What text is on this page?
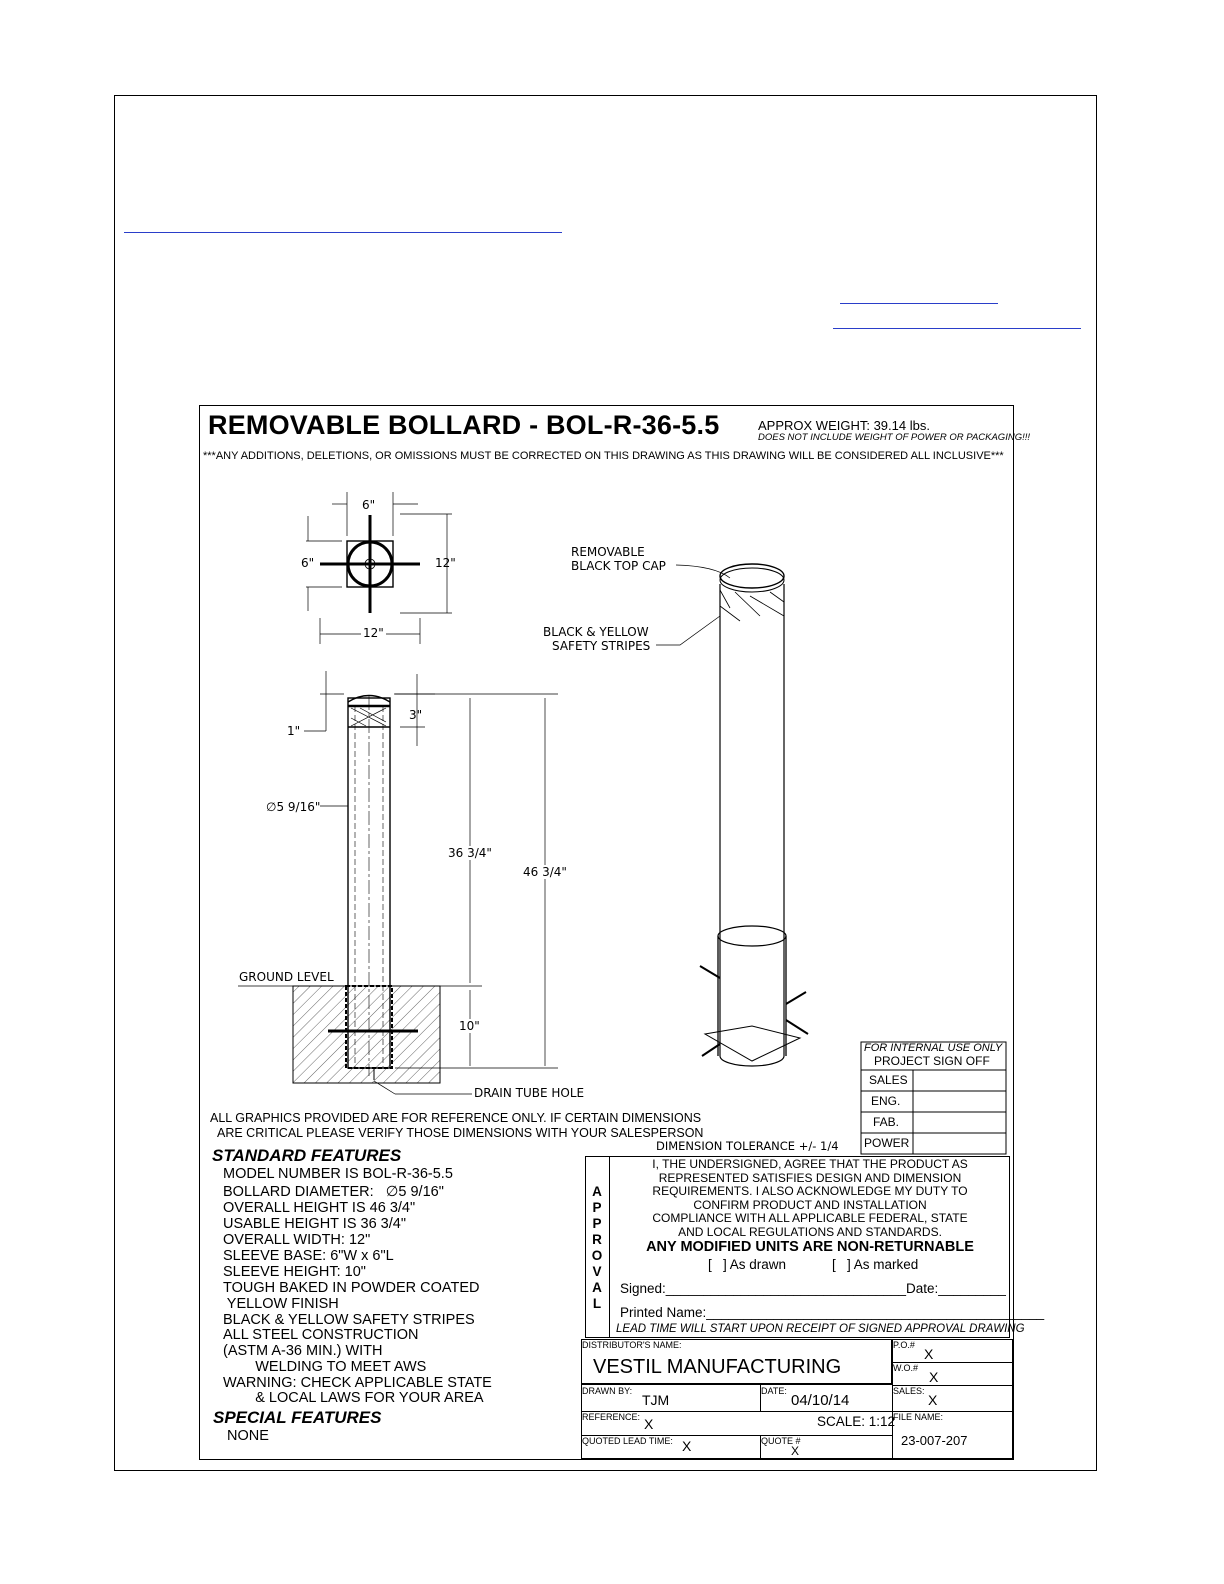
REMOVABLE BOLLARD - BOL-R-36-5.5	APPROX WEIGHT: 39.14 lbs.
DOES NOT INCLUDE WEIGHT OF POWER OR PACKAGING!!!
***ANY ADDITIONS, DELETIONS, OR OMISSIONS MUST BE CORRECTED ON THIS DRAWING AS THIS DRAWING WILL BE CONSIDERED ALL INCLUSIVE***
6"
6"	12"
12"
1"
3"
∅5 9/16"
36 3/4"
46 3/4"
10"
GROUND LEVEL
DRAIN TUBE HOLE
REMOVABLE
BLACK TOP CAP
BLACK & YELLOW
SAFETY STRIPES
ALL GRAPHICS PROVIDED ARE FOR REFERENCE ONLY. IF CERTAIN DIMENSIONS
ARE CRITICAL PLEASE VERIFY THOSE DIMENSIONS WITH YOUR SALESPERSON
DIMENSION TOLERANCE +/- 1/4
FOR INTERNAL USE ONLY
PROJECT SIGN OFF
SALES
ENG.
FAB.
POWER
STANDARD FEATURES
MODEL NUMBER IS BOL-R-36-5.5
BOLLARD DIAMETER:   ∅5 9/16"
OVERALL HEIGHT IS 46 3/4"
USABLE HEIGHT IS 36 3/4"
OVERALL WIDTH: 12"
SLEEVE BASE: 6"W x 6"L
SLEEVE HEIGHT: 10"
TOUGH BAKED IN POWDER COATED
YELLOW FINISH
BLACK & YELLOW SAFETY STRIPES
ALL STEEL CONSTRUCTION
(ASTM A-36 MIN.) WITH
WELDING TO MEET AWS
WARNING: CHECK APPLICABLE STATE
& LOCAL LAWS FOR YOUR AREA
SPECIAL FEATURES
NONE
A
P
P
R
O
V
A
L
I, THE UNDERSIGNED, AGREE THAT THE PRODUCT AS
REPRESENTED SATISFIES DESIGN AND DIMENSION
REQUIREMENTS. I ALSO ACKNOWLEDGE MY DUTY TO
CONFIRM PRODUCT AND INSTALLATION
COMPLIANCE WITH ALL APPLICABLE FEDERAL, STATE
AND LOCAL REGULATIONS AND STANDARDS.
ANY MODIFIED UNITS ARE NON-RETURNABLE
[   ] As drawn	[   ] As marked
Signed:________________________________Date:_________
Printed Name:_____________________________________________
LEAD TIME WILL START UPON RECEIPT OF SIGNED APPROVAL DRAWING
DISTRIBUTOR'S NAME:
VESTIL MANUFACTURING
P.O.#
X
W.O.#
X
DRAWN BY:
TJM
DATE:
04/10/14
SALES:
X
REFERENCE: X	SCALE: 1:12
FILE NAME:
23-007-207
QUOTED LEAD TIME: X	QUOTE #
X
